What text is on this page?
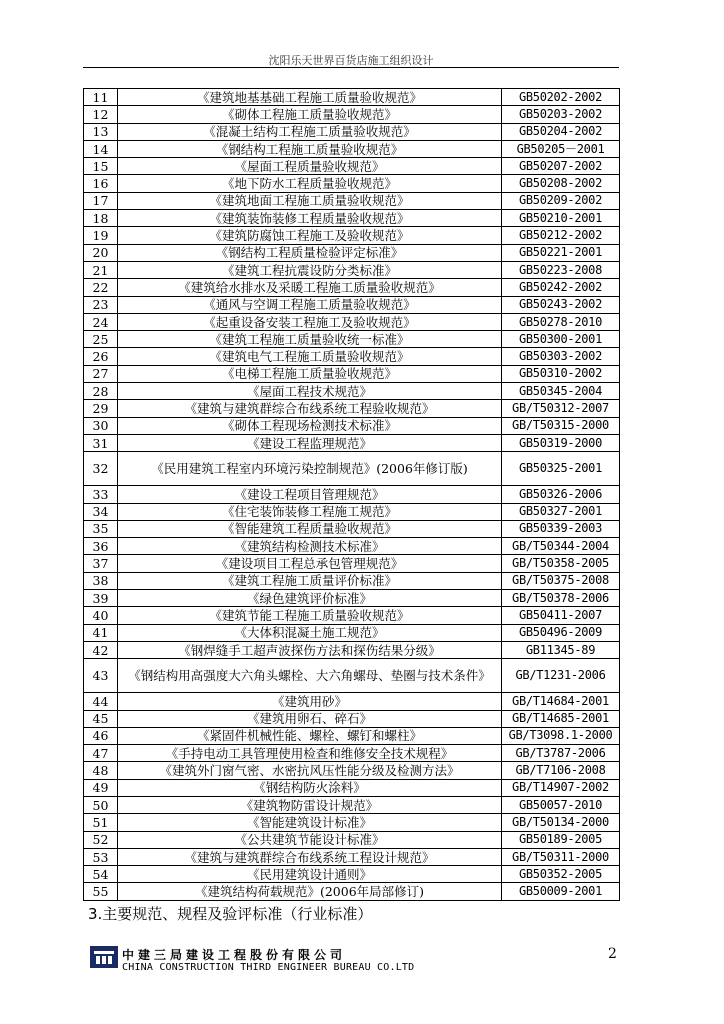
沈阳乐天世界百货店施工组织设计
11	《建筑地基基础工程施工质量验收规范》	GB50202-2002
12	《砌体工程施工质量验收规范》	GB50203-2002
13	《混凝土结构工程施工质量验收规范》	GB50204-2002
14	《钢结构工程施工质量验收规范》	GB50205－2001
15	《屋面工程质量验收规范》	GB50207-2002
16	《地下防水工程质量验收规范》	GB50208-2002
17	《建筑地面工程施工质量验收规范》	GB50209-2002
18	《建筑装饰装修工程质量验收规范》	GB50210-2001
19	《建筑防腐蚀工程施工及验收规范》	GB50212-2002
20	《钢结构工程质量检验评定标准》	GB50221-2001
21	《建筑工程抗震设防分类标准》	GB50223-2008
22	《建筑给水排水及采暖工程施工质量验收规范》	GB50242-2002
23	《通风与空调工程施工质量验收规范》	GB50243-2002
24	《起重设备安装工程施工及验收规范》	GB50278-2010
25	《建筑工程施工质量验收统一标准》	GB50300-2001
26	《建筑电气工程施工质量验收规范》	GB50303-2002
27	《电梯工程施工质量验收规范》	GB50310-2002
28	《屋面工程技术规范》	GB50345-2004
29	《建筑与建筑群综合布线系统工程验收规范》	GB/T50312-2007
30	《砌体工程现场检测技术标准》	GB/T50315-2000
31	《建设工程监理规范》	GB50319-2000
32	《民用建筑工程室内环境污染控制规范》(2006年修订版)	GB50325-2001
33	《建设工程项目管理规范》	GB50326-2006
34	《住宅装饰装修工程施工规范》	GB50327-2001
35	《智能建筑工程质量验收规范》	GB50339-2003
36	《建筑结构检测技术标准》	GB/T50344-2004
37	《建设项目工程总承包管理规范》	GB/T50358-2005
38	《建筑工程施工质量评价标准》	GB/T50375-2008
39	《绿色建筑评价标准》	GB/T50378-2006
40	《建筑节能工程施工质量验收规范》	GB50411-2007
41	《大体积混凝土施工规范》	GB50496-2009
42	《钢焊缝手工超声波探伤方法和探伤结果分级》	GB11345-89
43	《钢结构用高强度大六角头螺栓、大六角螺母、垫圈与技术条件》	GB/T1231-2006
44	《建筑用砂》	GB/T14684-2001
45	《建筑用卵石、碎石》	GB/T14685-2001
46	《紧固件机械性能、螺栓、螺钉和螺柱》	GB/T3098.1-2000
47	《手持电动工具管理使用检查和维修安全技术规程》	GB/T3787-2006
48	《建筑外门窗气密、水密抗风压性能分级及检测方法》	GB/T7106-2008
49	《钢结构防火涂料》	GB/T14907-2002
50	《建筑物防雷设计规范》	GB50057-2010
51	《智能建筑设计标准》	GB/T50134-2000
52	《公共建筑节能设计标准》	GB50189-2005
53	《建筑与建筑群综合布线系统工程设计规范》	GB/T50311-2000
54	《民用建筑设计通则》	GB50352-2005
55	《建筑结构荷载规范》(2006年局部修订)	GB50009-2001
3.主要规范、规程及验评标准（行业标准）
中建三局建设工程股份有限公司
CHINA CONSTRUCTION THIRD ENGINEER BUREAU CO.LTD
2
